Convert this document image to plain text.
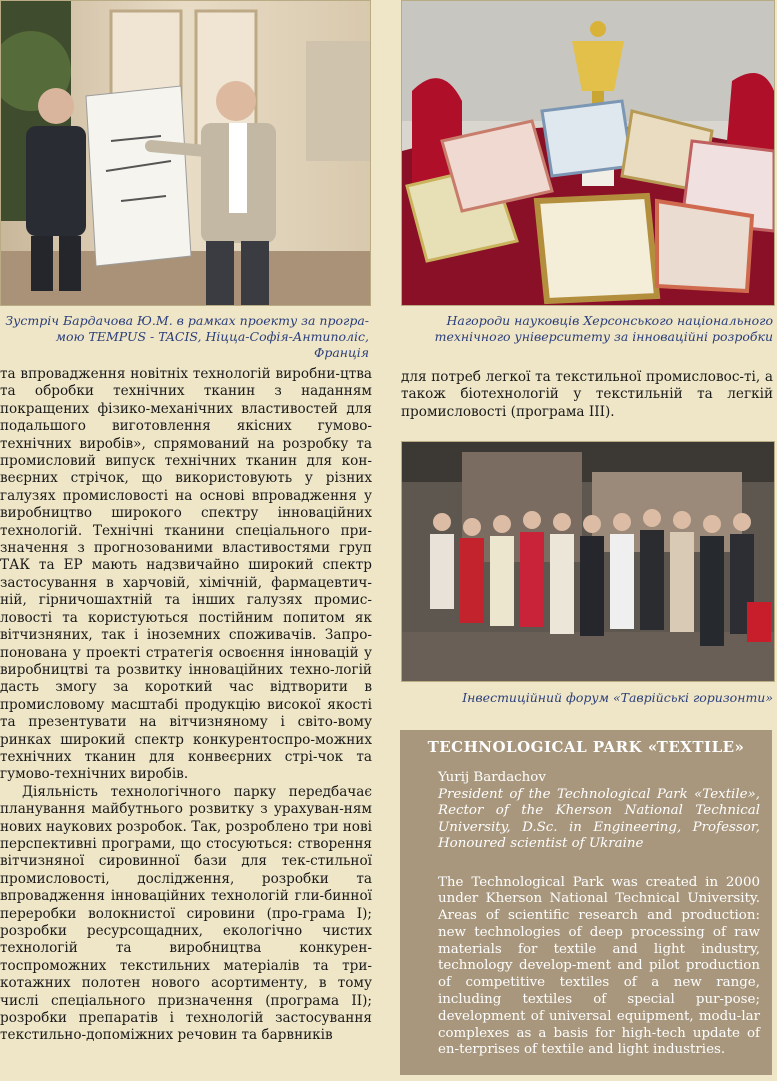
Зустріч Бардачова Ю.М. в рамках проекту за програ-
мою TEMPUS - TACIS, Ніцца-Софія-Антиполіс, Франція
Нагороди науковців Херсонського національного
технічного університету за інноваційні розробки

та впровадження новітніх технологій виробни-цтва та обробки технічних тканин з наданням покращених фізико-механічних властивостей для подальшого виготовлення якісних гумово-технічних виробів», спрямований на розробку та промисловий випуск технічних тканин для кон-веєрних стрічок, що використовують у різних галузях промисловості на основі впровадження у виробництво широкого спектру інноваційних технологій. Технічні тканини спеціального при-значення з прогнозованими властивостями груп ТАК та ЕР мають надзвичайно широкий спектр застосування в харчовій, хімічній, фармацевтич-ній, гірничошахтній та інших галузях промис-ловості та користуються постійним попитом як вітчизняних, так і іноземних споживачів. Запро-понована у проекті стратегія освоєння інновацій у виробництві та розвитку інноваційних техно-логій дасть змогу за короткий час відтворити в промисловому масштабі продукцію високої якості та презентувати на вітчизняному і світо-вому ринках широкий спектр конкурентоспро-можних технічних тканин для конвеєрних стрі-чок та гумово-технічних виробів.

Діяльність технологічного парку передбачає планування майбутнього розвитку з урахуван-ням нових наукових розробок. Так, розроблено три нові перспективні програми, що стосуються: створення вітчизняної сировинної бази для тек-стильної промисловості, дослідження, розробки та впровадження інноваційних технологій гли-бинної переробки волокнистої сировини (про-грама І); розробки ресурсощадних, екологічно чистих технологій та виробництва конкурен-тоспроможних текстильних матеріалів та три-котажних полотен нового асортименту, в тому числі спеціального призначення (програма ІІ); розробки препаратів і технологій застосування текстильно-допоміжних речовин та барвників

для потреб легкої та текстильної промисловос-ті, а також біотехнологій у текстильній та легкій промисловості (програма ІІІ).

Інвестиційний форум «Таврійські горизонти»
TECHNOLOGICAL PARK «TEXTILE»

Yurij Bardachov

President of the Technological Park «Textile», Rector of the Kherson National Technical University, D.Sc. in Engineering, Professor, Honoured scientist of Ukraine

The Technological Park was created in 2000 under Kherson National Technical University. Areas of scientific research and production: new technologies of deep processing of raw materials for textile and light industry, technology develop-ment and pilot production of competitive textiles of a new range, including textiles of special pur-pose; development of universal equipment, modu-lar complexes as a basis for high-tech update of en-terprises of textile and light industries.
